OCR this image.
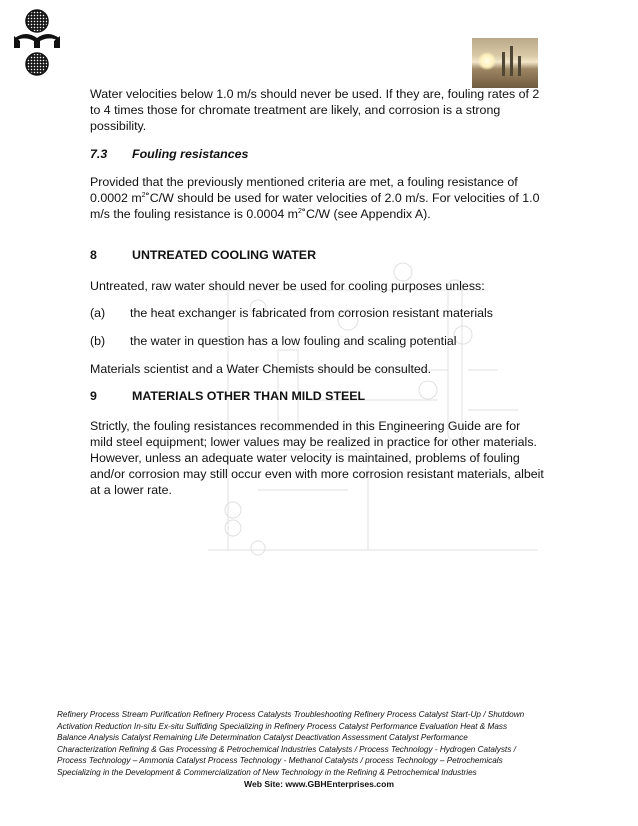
Water velocities below 1.0 m/s should never be used. If they are, fouling rates of 2 to 4 times those for chromate treatment are likely, and corrosion is a strong possibility.

7.3 Fouling resistances

Provided that the previously mentioned criteria are met, a fouling resistance of 0.0002 $m^2˚C/W$ should be used for water velocities of 2.0 m/s. For velocities of 1.0 m/s the fouling resistance is 0.0004 $m^2˚C/W$ (see Appendix A).

8	UNTREATED COOLING WATER

Untreated, raw water should never be used for cooling purposes unless:

(a) the heat exchanger is fabricated from corrosion resistant materials

(b) the water in question has a low fouling and scaling potential

Materials scientist and a Water Chemists should be consulted.

9	MATERIALS OTHER THAN MILD STEEL

Strictly, the fouling resistances recommended in this Engineering Guide are for mild steel equipment; lower values may be realized in practice for other materials. However, unless an adequate water velocity is maintained, problems of fouling and/or corrosion may still occur even with more corrosion resistant materials, albeit at a lower rate.

Refinery Process Stream Purification Refinery Process Catalysts Troubleshooting Refinery Process Catalyst Start-Up / Shutdown
Activation Reduction In-situ Ex-situ Sulfiding Specializing in Refinery Process Catalyst Performance Evaluation Heat & Mass
Balance Analysis Catalyst Remaining Life Determination Catalyst Deactivation Assessment Catalyst Performance
Characterization Refining & Gas Processing & Petrochemical Industries Catalysts / Process Technology - Hydrogen Catalysts /
Process Technology – Ammonia Catalyst Process Technology - Methanol Catalysts / process Technology – Petrochemicals
Specializing in the Development & Commercialization of New Technology in the Refining & Petrochemical Industries

Web Site: www.GBHEnterprises.com
